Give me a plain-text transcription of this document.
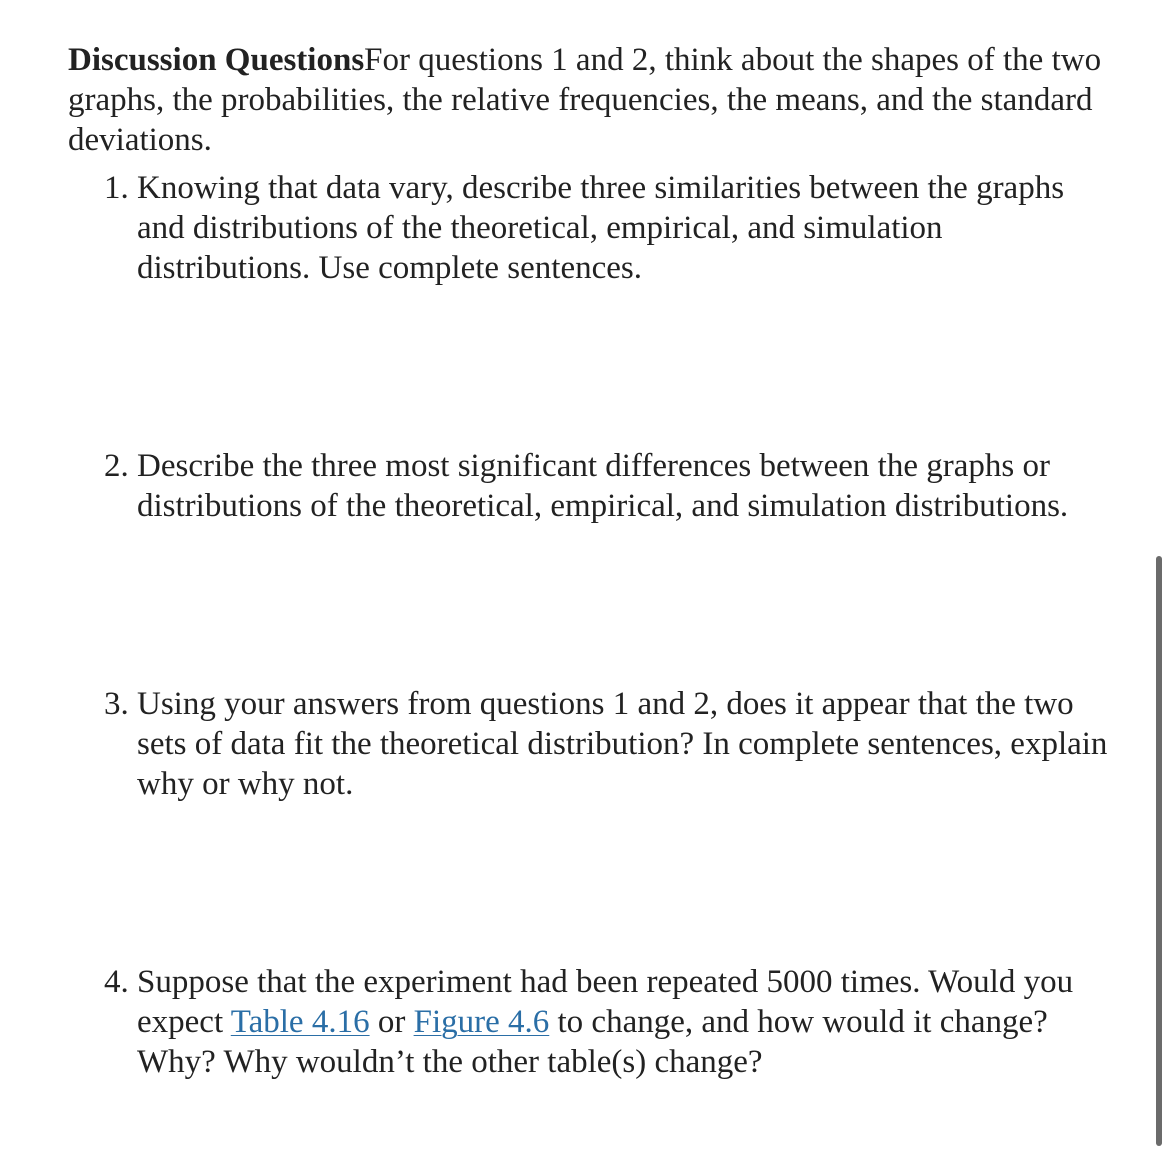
Discussion QuestionsFor questions 1 and 2, think about the shapes of the two graphs, the probabilities, the relative frequencies, the means, and the standard deviations.

1. Knowing that data vary, describe three similarities between the graphs and distributions of the theoretical, empirical, and simulation distributions. Use complete sentences.
2. Describe the three most significant differences between the graphs or distributions of the theoretical, empirical, and simulation distributions.
3. Using your answers from questions 1 and 2, does it appear that the two sets of data fit the theoretical distribution? In complete sentences, explain why or why not.
4. Suppose that the experiment had been repeated 5000 times. Would you expect Table 4.16 or Figure 4.6 to change, and how would it change? Why? Why wouldn’t the other table(s) change?
